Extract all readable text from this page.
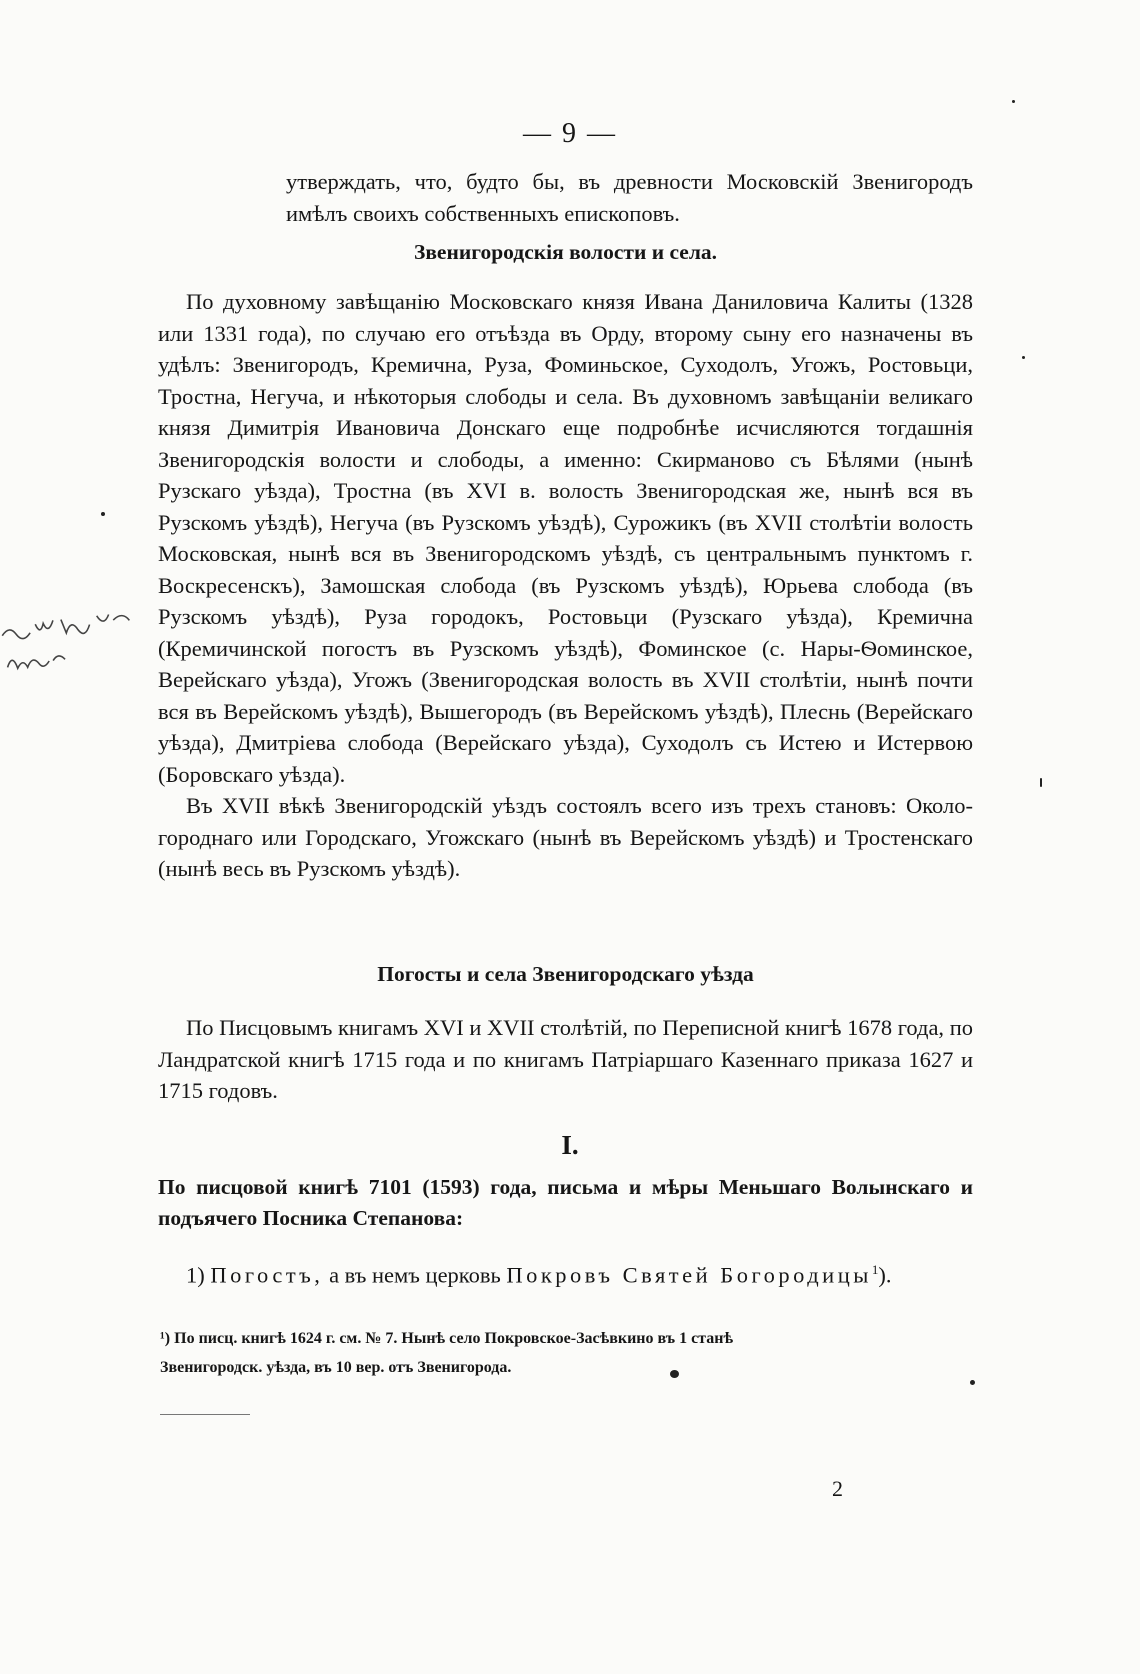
— 9 —

утверждать, что, будто бы, въ древности Московскiй Звенигородъ имѣлъ своихъ собственныхъ епископовъ.

Звенигородскiя волости и села.

По духовному завѣщанiю Московскаго князя Ивана Даниловича Калиты (1328 или 1331 года), по случаю его отъѣзда въ Орду, второму сыну его назначены въ удѣлъ: Звенигородъ, Кремична, Руза, Фоминьское, Суходолъ, Угожъ, Ростовьци, Тростна, Негуча, и нѣкоторыя слободы и села. Въ духовномъ завѣщанiи великаго князя Димитрiя Ивановича Донскаго еще подробнѣе исчисляются тогдашнiя Звенигородскiя волости и слободы, а именно: Скирманово съ Бѣлями (нынѣ Рузскаго уѣзда), Тростна (въ XVI в. волость Звенигородская же, нынѣ вся въ Рузскомъ уѣздѣ), Негуча (въ Рузскомъ уѣздѣ), Сурожикъ (въ XVII столѣтiи волость Московская, нынѣ вся въ Звенигородскомъ уѣздѣ, съ центральнымъ пунктомъ г. Воскресенскъ), Замошская слобода (въ Рузскомъ уѣздѣ), Юрьева слобода (въ Рузскомъ уѣздѣ), Руза городокъ, Ростовьци (Рузскаго уѣзда), Кремична (Кремичинской погостъ въ Рузскомъ уѣздѣ), Фоминское (с. Нары-Ѳоминское, Верейскаго уѣзда), Угожъ (Звенигородская волость въ XVII столѣтiи, нынѣ почти вся въ Верейскомъ уѣздѣ), Вышегородъ (въ Верейскомъ уѣздѣ), Плеснь (Верейскаго уѣзда), Дмитрiева слобода (Верейскаго уѣзда), Суходолъ съ Истею и Истервою (Боровскаго уѣзда).

Въ XVII вѣкѣ Звенигородскiй уѣздъ состоялъ всего изъ трехъ становъ: Окологороднаго или Городскаго, Угожскаго (нынѣ въ Верейскомъ уѣздѣ) и Тростенскаго (нынѣ весь въ Рузскомъ уѣздѣ).

Погосты и села Звенигородскаго уѣзда

По Писцовымъ книгамъ XVI и XVII столѣтiй, по Переписной книгѣ 1678 года, по Ландратской книгѣ 1715 года и по книгамъ Патрiаршаго Казеннаго приказа 1627 и 1715 годовъ.

I.

По писцовой книгѣ 7101 (1593) года, письма и мѣры Меньшаго Волынскаго и подъячего Посника Степанова:

1) Погостъ, а въ немъ церковь Покровъ Святей Богородицы$^1$).

¹) По писц. книгѣ 1624 г. см. № 7. Нынѣ село Покровское-Засѣвкино въ 1 станѣ
Звенигородск. уѣзда, въ 10 вер. отъ Звенигорода.
2
